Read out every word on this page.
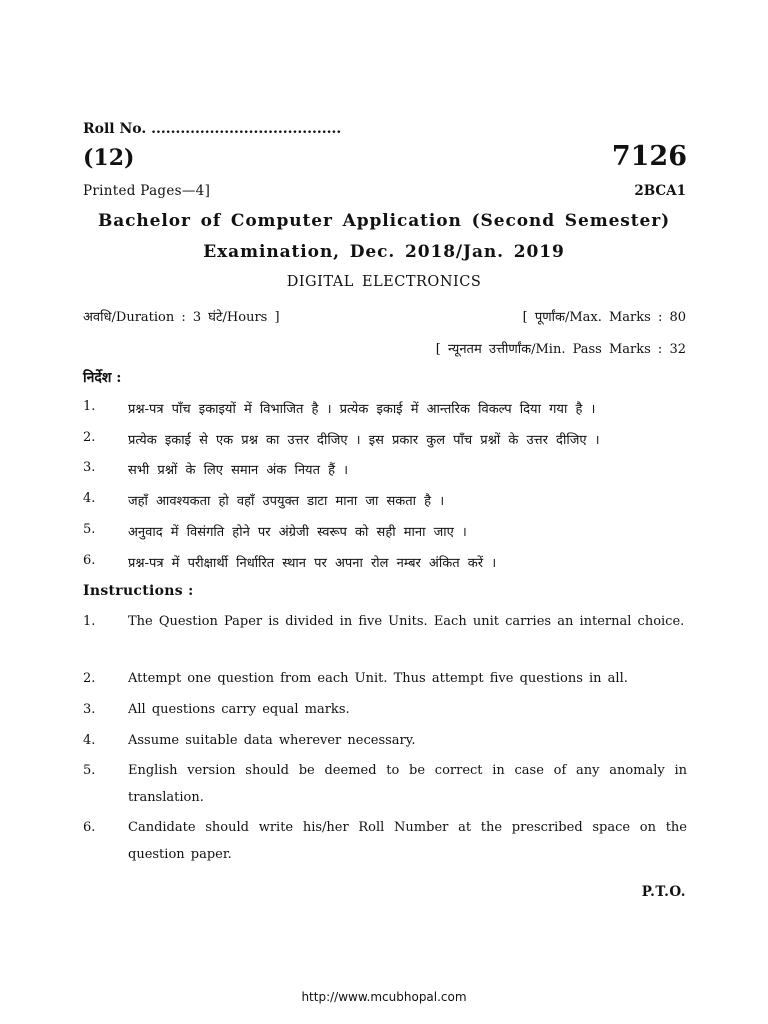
Roll No. .......................................
(12)	7126
Printed Pages—4]	2BCA1
Bachelor of Computer Application (Second Semester)
Examination, Dec. 2018/Jan. 2019
DIGITAL ELECTRONICS
अवधि/Duration : 3 घंटे/Hours ]	[ पूर्णांक/Max. Marks : 80
[ न्यूनतम उत्तीर्णांक/Min. Pass Marks : 32
निर्देश :
1.	प्रश्न-पत्र पाँच इकाइयों में विभाजित है । प्रत्येक इकाई में आन्तरिक विकल्प दिया गया है ।
2.	प्रत्येक इकाई से एक प्रश्न का उत्तर दीजिए । इस प्रकार कुल पाँच प्रश्नों के उत्तर दीजिए ।
3.	सभी प्रश्नों के लिए समान अंक नियत हैं ।
4.	जहाँ आवश्यकता हो वहाँ उपयुक्त डाटा माना जा सकता है ।
5.	अनुवाद में विसंगति होने पर अंग्रेजी स्वरूप को सही माना जाए ।
6.	प्रश्न-पत्र में परीक्षार्थी निर्धारित स्थान पर अपना रोल नम्बर अंकित करें ।
Instructions :
1.	The Question Paper is divided in five Units. Each unit carries an internal choice.
2.	Attempt one question from each Unit. Thus attempt five questions in all.
3.	All questions carry equal marks.
4.	Assume suitable data wherever necessary.
5.	English version should be deemed to be correct in case of any anomaly in translation.
6.	Candidate should write his/her Roll Number at the prescribed space on the question paper.
P.T.O.
http://www.mcubhopal.com
